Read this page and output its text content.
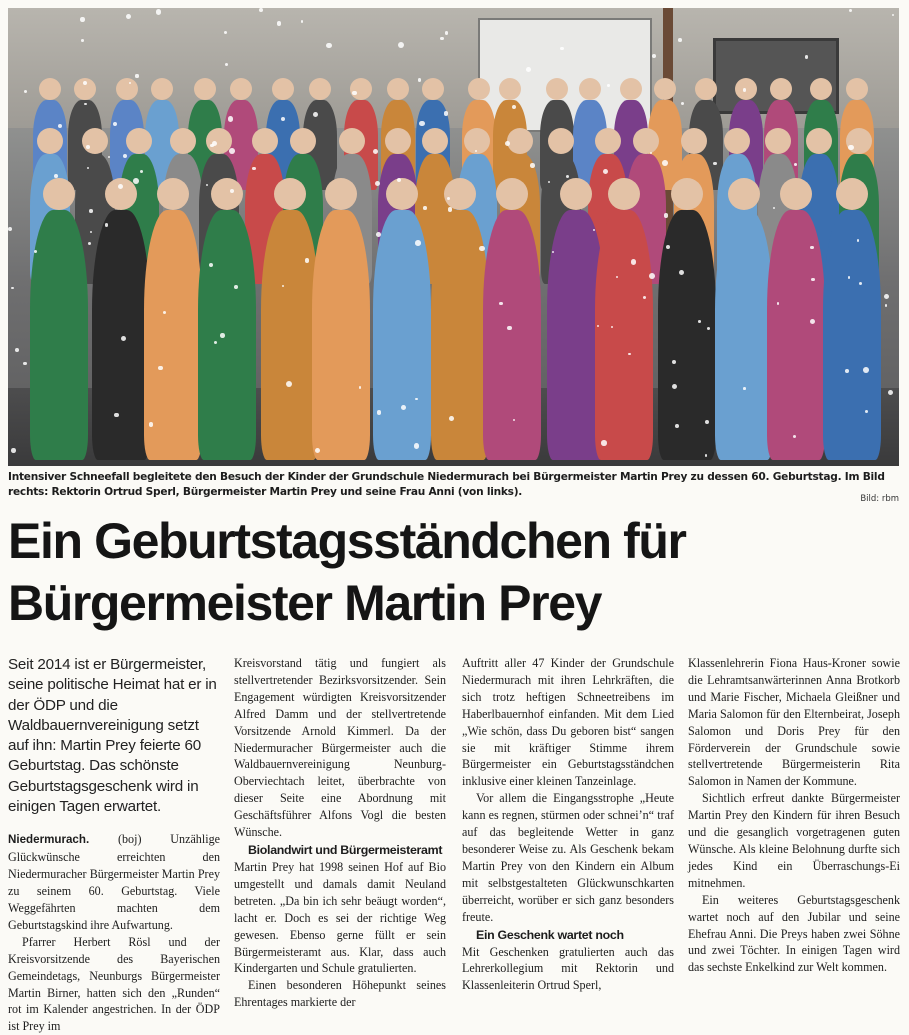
Intensiver Schneefall begleitete den Besuch der Kinder der Grundschule Niedermurach bei Bürgermeister Martin Prey zu dessen 60. Geburtstag. Im Bild rechts: Rektorin Ortrud Sperl, Bürgermeister Martin Prey und seine Frau Anni (von links).
Bild: rbm
Ein Geburtstagsständchen für
Bürgermeister Martin Prey
Seit 2014 ist er Bürgermeister, seine politische Heimat hat er in der ÖDP und die Waldbauernvereinigung setzt auf ihn: Martin Prey feierte 60 Geburtstag. Das schönste Geburtstagsgeschenk wird in einigen Tagen erwartet.

Niedermurach. (boj) Unzählige Glückwünsche erreichten den Niedermuracher Bürgermeister Martin Prey zu seinem 60. Geburtstag. Viele Weggefährten machten dem Geburtstagskind ihre Aufwartung.

Pfarrer Herbert Rösl und der Kreisvorsitzende des Bayerischen Gemeindetags, Neunburgs Bürgermeister Martin Birner, hatten sich den „Runden“ rot im Kalender angestrichen. In der ÖDP ist Prey im

Kreisvorstand tätig und fungiert als stellvertretender Bezirksvorsitzender. Sein Engagement würdigten Kreisvorsitzender Alfred Damm und der stellvertretende Vorsitzende Arnold Kimmerl. Da der Niedermuracher Bürgermeister auch die Waldbauernvereinigung Neunburg-Oberviechtach leitet, überbrachte von dieser Seite eine Abordnung mit Geschäftsführer Alfons Vogl die besten Wünsche.

Biolandwirt und Bürgermeisteramt

Martin Prey hat 1998 seinen Hof auf Bio umgestellt und damals damit Neuland betreten. „Da bin ich sehr beäugt worden“, lacht er. Doch es sei der richtige Weg gewesen. Ebenso gerne füllt er sein Bürgermeisteramt aus. Klar, dass auch Kindergarten und Schule gratulierten.

Einen besonderen Höhepunkt seines Ehrentages markierte der

Auftritt aller 47 Kinder der Grundschule Niedermurach mit ihren Lehrkräften, die sich trotz heftigen Schneetreibens im Haberlbauernhof einfanden. Mit dem Lied „Wie schön, dass Du geboren bist“ sangen sie mit kräftiger Stimme ihrem Bürgermeister ein Geburtstagsständchen inklusive einer kleinen Tanzeinlage.

Vor allem die Eingangsstrophe „Heute kann es regnen, stürmen oder schnei’n“ traf auf das begleitende Wetter in ganz besonderer Weise zu. Als Geschenk bekam Martin Prey von den Kindern ein Album mit selbstgestalteten Glückwunschkarten überreicht, worüber er sich ganz besonders freute.

Ein Geschenk wartet noch

Mit Geschenken gratulierten auch das Lehrerkollegium mit Rektorin und Klassenleiterin Ortrud Sperl,

Klassenlehrerin Fiona Haus-Kroner sowie die Lehramtsanwärterinnen Anna Brotkorb und Marie Fischer, Michaela Gleißner und Maria Salomon für den Elternbeirat, Joseph Salomon und Doris Prey für den Förderverein der Grundschule sowie stellvertretende Bürgermeisterin Rita Salomon in Namen der Kommune.

Sichtlich erfreut dankte Bürgermeister Martin Prey den Kindern für ihren Besuch und die gesanglich vorgetragenen guten Wünsche. Als kleine Belohnung durfte sich jedes Kind ein Überraschungs-Ei mitnehmen.

Ein weiteres Geburtstagsgeschenk wartet noch auf den Jubilar und seine Ehefrau Anni. Die Preys haben zwei Söhne und zwei Töchter. In einigen Tagen wird das sechste Enkelkind zur Welt kommen.
